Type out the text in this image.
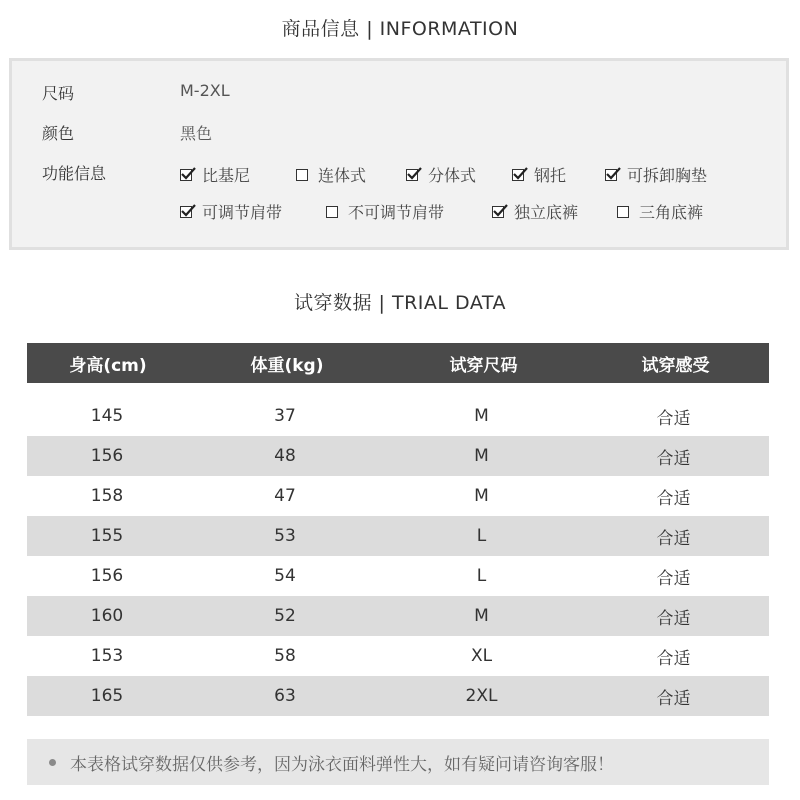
商品信息 | INFORMATION
尺码	M-2XL
颜色	黑色
功能信息	比基尼	连体式	分体式	钢托	可拆卸胸垫
可调节肩带	不可调节肩带	独立底裤	三角底裤
试穿数据 | TRIAL DATA
身高(cm)	体重(kg)	试穿尺码	试穿感受
145	37	M	合适
156	48	M	合适
158	47	M	合适
155	53	L	合适
156	54	L	合适
160	52	M	合适
153	58	XL	合适
165	63	2XL	合适
本表格试穿数据仅供参考，因为泳衣面料弹性大，如有疑问请咨询客服！
